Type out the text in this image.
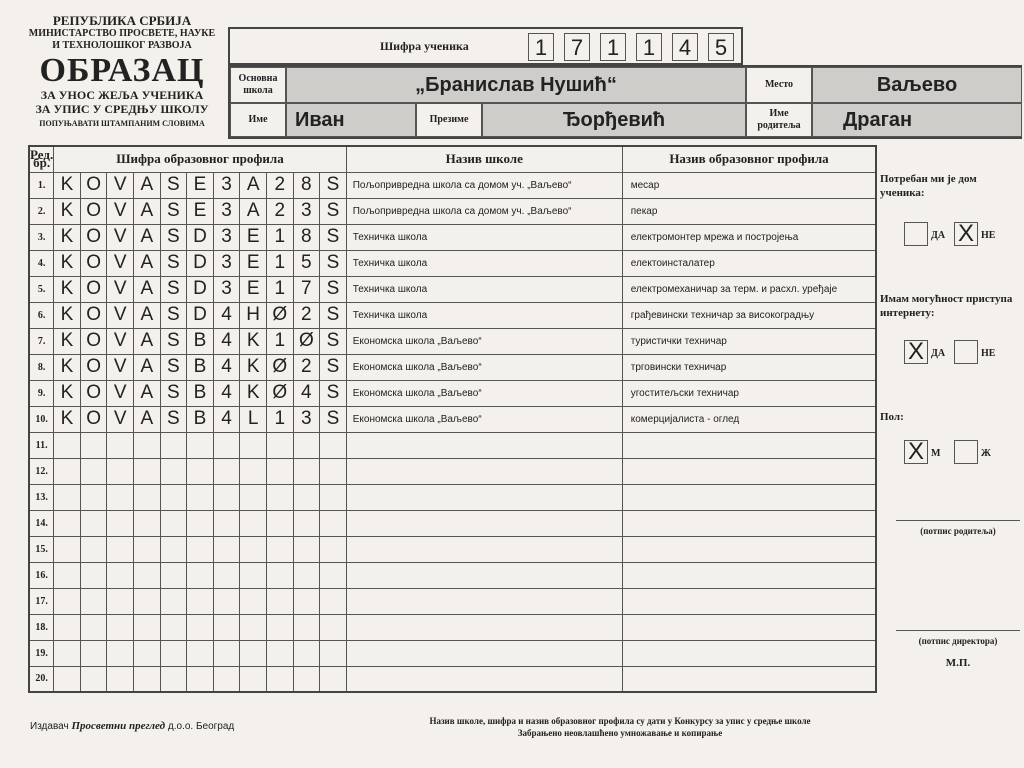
РЕПУБЛИКА СРБИЈА
МИНИСТАРСТВО ПРОСВЕТЕ, НАУКЕ
И ТЕХНОЛОШКОГ РАЗВОЈА
ОБРАЗАЦ
ЗА УНОС ЖЕЉА УЧЕНИКА
ЗА УПИС У СРЕДЊУ ШКОЛУ
ПОПУЊАВАТИ ШТАМПАНИМ СЛОВИМА
Шифра ученика	1	7	1	1	4	5
Основна школа	„Бранислав Нушић“	Место	Ваљево
Име	Иван	Презиме	Ђорђевић	Име родитеља	Драган
Ред. бр.	Шифра образовног профила											Назив школе	Назив образовног профила
1.	K	O	V	A	S	E	3	A	2	8	S	Пољопривредна школа са домом уч. „Ваљево“	месар
2.	K	O	V	A	S	E	3	A	2	3	S	Пољопривредна школа са домом уч. „Ваљево“	пекар
3.	K	O	V	A	S	D	3	E	1	8	S	Техничка школа	електромонтер мрежа и постројења
4.	K	O	V	A	S	D	3	E	1	5	S	Техничка школа	електоинсталатер
5.	K	O	V	A	S	D	3	E	1	7	S	Техничка школа	електромеханичар за терм. и расхл. уређаје
6.	K	O	V	A	S	D	4	H	Ø	2	S	Техничка школа	грађевински техничар за високоградњу
7.	K	O	V	A	S	B	4	K	1	Ø	S	Економска школа „Ваљево“	туристички техничар
8.	K	O	V	A	S	B	4	K	Ø	2	S	Економска школа „Ваљево“	трговински техничар
9.	K	O	V	A	S	B	4	K	Ø	4	S	Економска школа „Ваљево“	угоститељски техничар
10.	K	O	V	A	S	B	4	L	1	3	S	Економска школа „Ваљево“	комерцијалиста - оглед
11.													
12.													
13.													
14.													
15.													
16.													
17.													
18.													
19.													
20.													
Потребан ми је дом ученика:
ДА X НЕ
Имам могућност приступа интернету:
X ДА	НЕ
Пол:
X М	Ж
(потпис родитеља)
(потпис директора)
М.П.
Издавач Просветни преглед д.о.о. Београд	Назив школе, шифра и назив образовног профила су дати у Конкурсу за упис у средње школе
Забрањено неовлашћено умножавање и копирање
